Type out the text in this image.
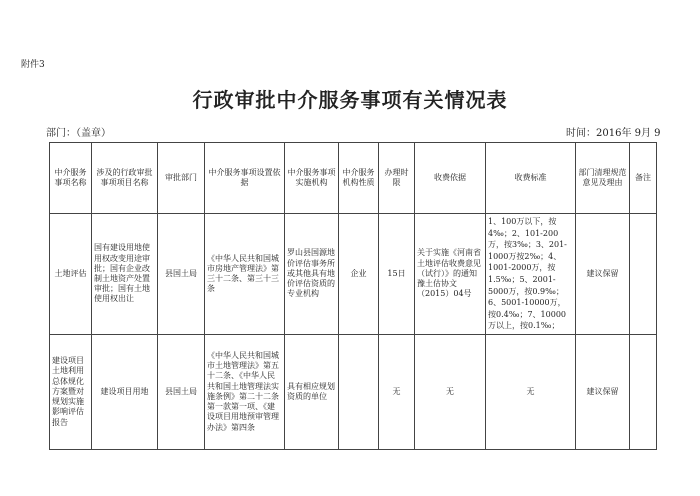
附件3
行政审批中介服务事项有关情况表
部门：（盖章）	时间：2016年 9月 9
中介服务事项名称	涉及的行政审批事项项目名称	审批部门	中介服务事项设置依据	中介服务事项实施机构	中介服务机构性质	办理时限	收费依据	收费标准	部门清理规范意见及理由	备注
土地评估	国有建设用地使用权改变用途审批；国有企业改制土地资产处置审批；国有土地使用权出让	县国土局	《中华人民共和国城市房地产管理法》第三十二条、第三十三条	罗山县国源地价评估事务所或其他具有地价评估资质的专业机构	企业	15日	关于实施《河南省土地评估收费意见（试行）》的通知 豫土估协文（2015）04号	1、100万以下，按4‰；2、101-200万，按3‰；3、201-1000万按2‰；4、1001-2000万，按1.5‰；5、2001-5000万，按0.9‰；6、5001-10000万，按0.4‰；7、10000万以上，按0.1‰；	建议保留	
建设项目土地利用总体规化方案暨对规划实施影响评估报告	建设项目用地	县国土局	《中华人民共和国城市土地管理法》第五十二条、《中华人民共和国土地管理法实施条例》第二十二条第一款第一项、《建设项目用地预审管理办法》第四条	具有相应规划资质的单位		无	无	无	建议保留	
